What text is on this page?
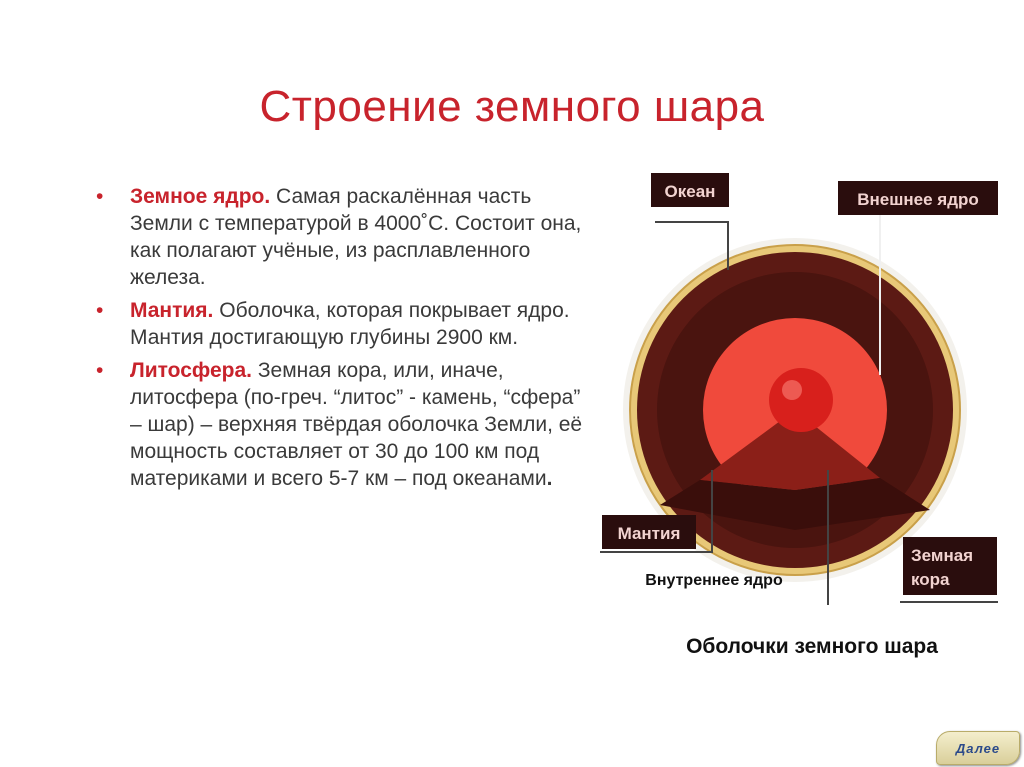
Строение земного шара
• Земное ядро. Самая раскалённая часть Земли с температурой в 4000˚С. Состоит она, как полагают учёные, из расплавленного железа.
• Мантия. Оболочка, которая покрывает ядро. Мантия достигающую глубины 2900 км.
• Литосфера. Земная кора, или, иначе, литосфера (по-греч. “литос” - камень, “сфера” – шар) – верхняя твёрдая оболочка Земли, её мощность составляет от 30 до 100 км под материками и всего 5-7 км – под океанами.
Океан	Внешнее ядро
Мантия
Внутреннее ядро
Земная
кора
Оболочки земного шара
Далее
